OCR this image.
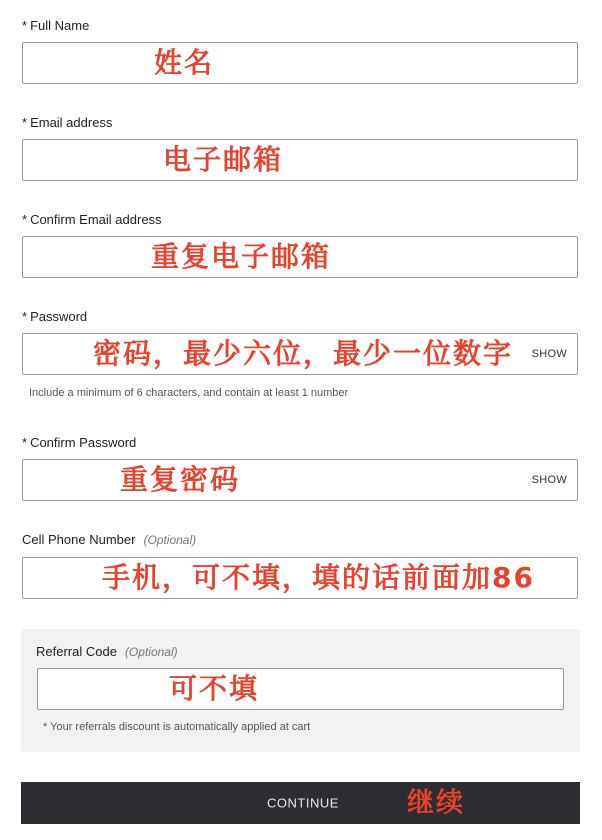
* Full Name
姓名
* Email address
电子邮箱
* Confirm Email address
重复电子邮箱
* Password
SHOW
密码，最少六位，最少一位数字
Include a minimum of 6 characters, and contain at least 1 number
* Confirm Password
SHOW
重复密码
Cell Phone Number (Optional)
手机，可不填，填的话前面加86
Referral Code (Optional)
可不填
* Your referrals discount is automatically applied at cart
CONTINUE	继续
